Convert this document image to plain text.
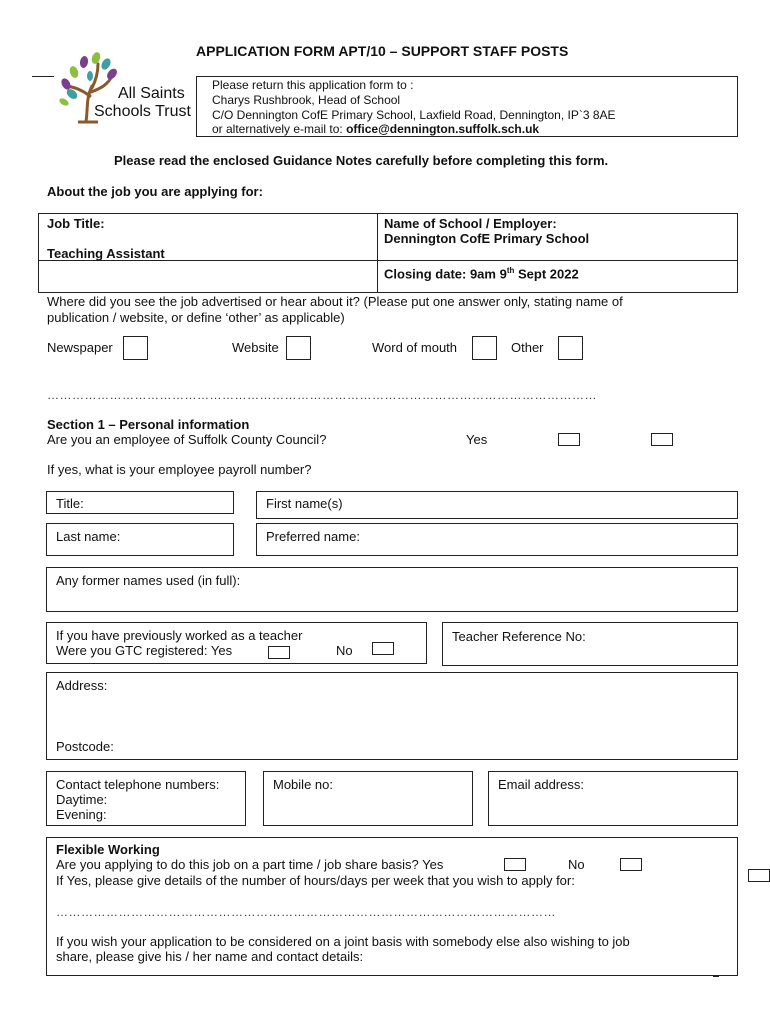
APPLICATION FORM APT/10 – SUPPORT STAFF POSTS
All Saints
Schools Trust
Please return this application form to :
Charys Rushbrook, Head of School
C/O Dennington CofE Primary School, Laxfield Road, Dennington, IP`3 8AE
or alternatively e-mail to: office@dennington.suffolk.sch.uk
Please read the enclosed Guidance Notes carefully before completing this form.
About the job you are applying for:
Job Title:
Teaching Assistant
Name of School / Employer:
Dennington CofE Primary School
Closing date: 9am 9th Sept 2022
Where did you see the job advertised or hear about it? (Please put one answer only, stating name of
publication / website, or define ‘other’ as applicable)
Newspaper	Website	Word of mouth	Other
……………………………………………………………………………………………………………………
Section 1 – Personal information
Are you an employee of Suffolk County Council?	Yes
If yes, what is your employee payroll number?
Title:	First name(s)
Last name:	Preferred name:
Any former names used (in full):
If you have previously worked as a teacher
Were you GTC registered: Yes	No
Teacher Reference No:
Address:
Postcode:
Contact telephone numbers:
Daytime:
Evening:
Mobile no:	Email address:
Flexible Working
Are you applying to do this job on a part time / job share basis? Yes	No
If Yes, please give details of the number of hours/days per week that you wish to apply for:
…………………………………………………………………………………………………………
If you wish your application to be considered on a joint basis with somebody else also wishing to job
share, please give his / her name and contact details:
